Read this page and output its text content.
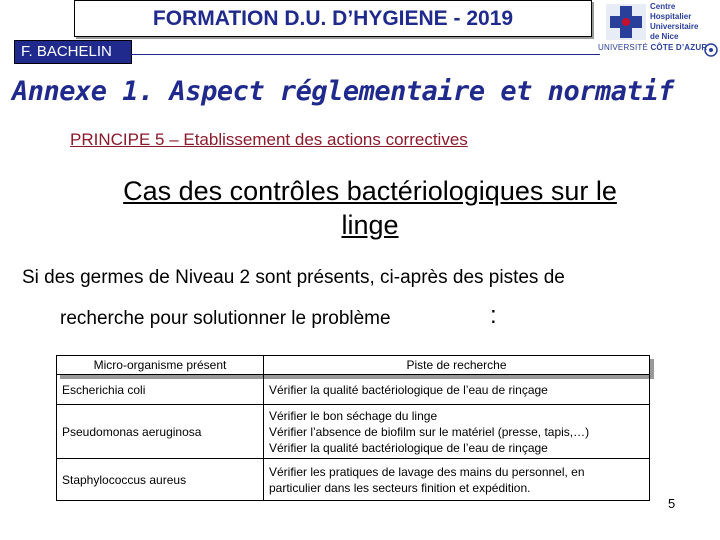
FORMATION D.U. D’HYGIENE - 2019
F. BACHELIN
Centre
Hospitalier
Universitaire
de Nice
UNIVERSITÉ CÔTE D’AZUR
Annexe 1. Aspect réglementaire et normatif
PRINCIPE 5 – Etablissement des actions correctives
Cas des contrôles bactériologiques sur le
linge
Si des germes de Niveau 2 sont présents, ci-après des pistes de
recherche pour solutionner le problème	:
Micro-organisme présent	Piste de recherche
Escherichia coli	Vérifier la qualité bactériologique de l’eau de rinçage

Pseudomonas aeruginosa	Vérifier le bon séchage du linge
Vérifier l’absence de biofilm sur le matériel (presse, tapis,…)
Vérifier la qualité bactériologique de l’eau de rinçage

Staphylococcus aureus	Vérifier les pratiques de lavage des mains du personnel, en
particulier dans les secteurs finition et expédition.
5
